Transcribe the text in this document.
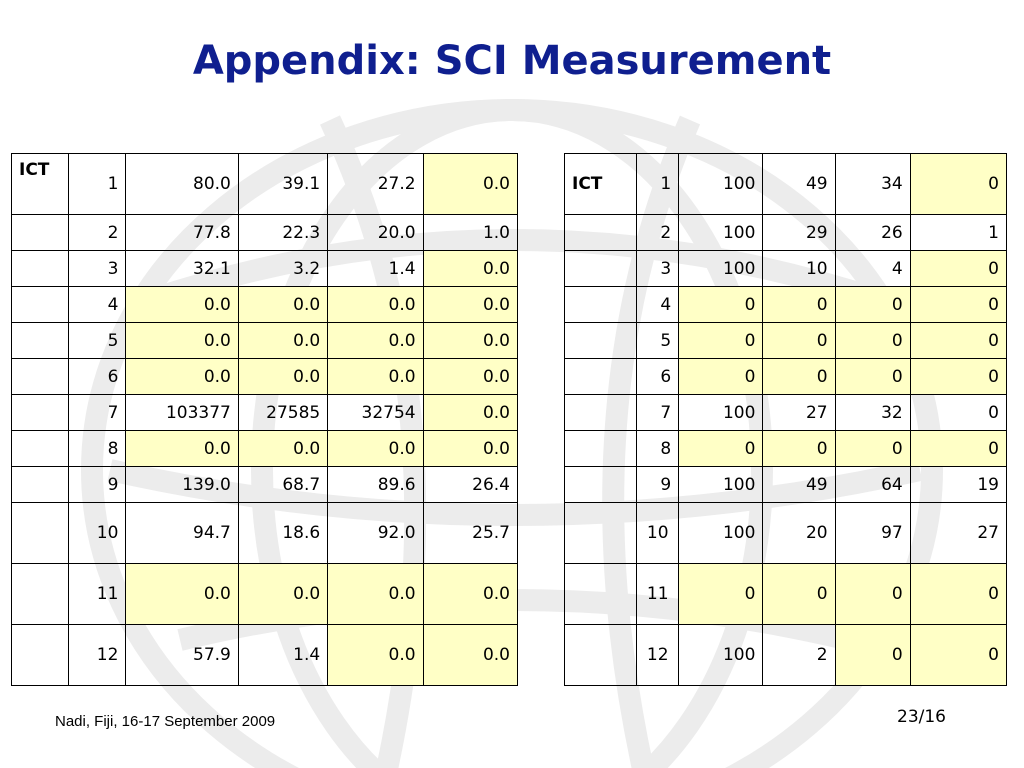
Appendix: SCI Measurement
ICT	1	80.0	39.1	27.2	0.0
	2	77.8	22.3	20.0	1.0
	3	32.1	3.2	1.4	0.0
	4	0.0	0.0	0.0	0.0
	5	0.0	0.0	0.0	0.0
	6	0.0	0.0	0.0	0.0
	7	103377	27585	32754	0.0
	8	0.0	0.0	0.0	0.0
	9	139.0	68.7	89.6	26.4
	10	94.7	18.6	92.0	25.7
	11	0.0	0.0	0.0	0.0
	12	57.9	1.4	0.0	0.0
ICT	1	100	49	34	0
	2	100	29	26	1
	3	100	10	4	0
	4	0	0	0	0
	5	0	0	0	0
	6	0	0	0	0
	7	100	27	32	0
	8	0	0	0	0
	9	100	49	64	19
	10	100	20	97	27
	11	0	0	0	0
	12	100	2	0	0
Nadi, Fiji, 16-17 September 2009	23/16
